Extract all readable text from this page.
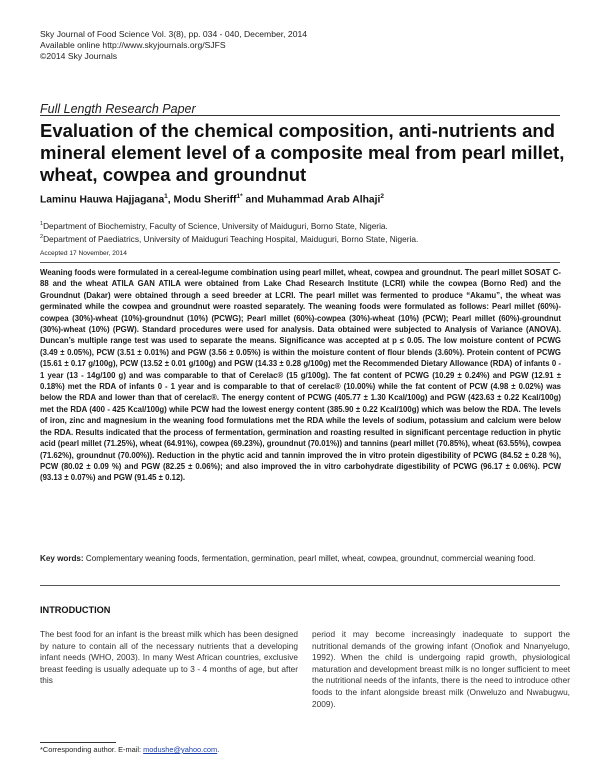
Sky Journal of Food Science Vol. 3(8), pp. 034 - 040, December, 2014
Available online http://www.skyjournals.org/SJFS
©2014 Sky Journals
Full Length Research Paper
Evaluation of the chemical composition, anti-nutrients and mineral element level of a composite meal from pearl millet, wheat, cowpea and groundnut
Laminu Hauwa Hajjagana$^1$, Modu Sheriff$^{1*}$ and Muhammad Arab Alhaji$^2$
$^1$Department of Biochemistry, Faculty of Science, University of Maiduguri, Borno State, Nigeria.
$^2$Department of Paediatrics, University of Maiduguri Teaching Hospital, Maiduguri, Borno State, Nigeria.
Accepted 17 November, 2014
Weaning foods were formulated in a cereal-legume combination using pearl millet, wheat, cowpea and groundnut. The pearl millet SOSAT C-88 and the wheat ATILA GAN ATILA were obtained from Lake Chad Research Institute (LCRI) while the cowpea (Borno Red) and the Groundnut (Dakar) were obtained through a seed breeder at LCRI. The pearl millet was fermented to produce “Akamu”, the wheat was germinated while the cowpea and groundnut were roasted separately. The weaning foods were formulated as follows: Pearl millet (60%)-cowpea (30%)-wheat (10%)-groundnut (10%) (PCWG); Pearl millet (60%)-cowpea (30%)-wheat (10%) (PCW); Pearl millet (60%)-groundnut (30%)-wheat (10%) (PGW). Standard procedures were used for analysis. Data obtained were subjected to Analysis of Variance (ANOVA). Duncan’s multiple range test was used to separate the means. Significance was accepted at p ≤ 0.05. The low moisture content of PCWG (3.49 ± 0.05%), PCW (3.51 ± 0.01%) and PGW (3.56 ± 0.05%) is within the moisture content of flour blends (3.60%). Protein content of PCWG (15.61 ± 0.17 g/100g), PCW (13.52 ± 0.01 g/100g) and PGW (14.33 ± 0.28 g/100g) met the Recommended Dietary Allowance (RDA) of infants 0 - 1 year (13 - 14g/100 g) and was comparable to that of Cerelac® (15 g/100g). The fat content of PCWG (10.29 ± 0.24%) and PGW (12.91 ± 0.18%) met the RDA of infants 0 - 1 year and is comparable to that of cerelac® (10.00%) while the fat content of PCW (4.98 ± 0.02%) was below the RDA and lower than that of cerelac®. The energy content of PCWG (405.77 ± 1.30 Kcal/100g) and PGW (423.63 ± 0.22 Kcal/100g) met the RDA (400 - 425 Kcal/100g) while PCW had the lowest energy content (385.90 ± 0.22 Kcal/100g) which was below the RDA. The levels of iron, zinc and magnesium in the weaning food formulations met the RDA while the levels of sodium, potassium and calcium were below the RDA. Results indicated that the process of fermentation, germination and roasting resulted in significant percentage reduction in phytic acid (pearl millet (71.25%), wheat (64.91%), cowpea (69.23%), groundnut (70.01%)) and tannins (pearl millet (70.85%), wheat (63.55%), cowpea (71.62%), groundnut (70.00%)). Reduction in the phytic acid and tannin improved the in vitro protein digestibility of PCWG (84.52 ± 0.28 %), PCW (80.02 ± 0.09 %) and PGW (82.25 ± 0.06%); and also improved the in vitro carbohydrate digestibility of PCWG (96.17 ± 0.06%). PCW (93.13 ± 0.07%) and PGW (91.45 ± 0.12).
Key words: Complementary weaning foods, fermentation, germination, pearl millet, wheat, cowpea, groundnut, commercial weaning food.
INTRODUCTION
The best food for an infant is the breast milk which has been designed by nature to contain all of the necessary nutrients that a developing infant needs (WHO, 2003). In many West African countries, exclusive breast feeding is usually adequate up to 3 - 4 months of age, but after this
period it may become increasingly inadequate to support the nutritional demands of the growing infant (Onofiok and Nnanyelugo, 1992). When the child is undergoing rapid growth, physiological maturation and development breast milk is no longer sufficient to meet the nutritional needs of the infants, there is the need to introduce other foods to the infant alongside breast milk (Onweluzo and Nwabugwu, 2009).
*Corresponding author. E-mail: modushe@yahoo.com.
